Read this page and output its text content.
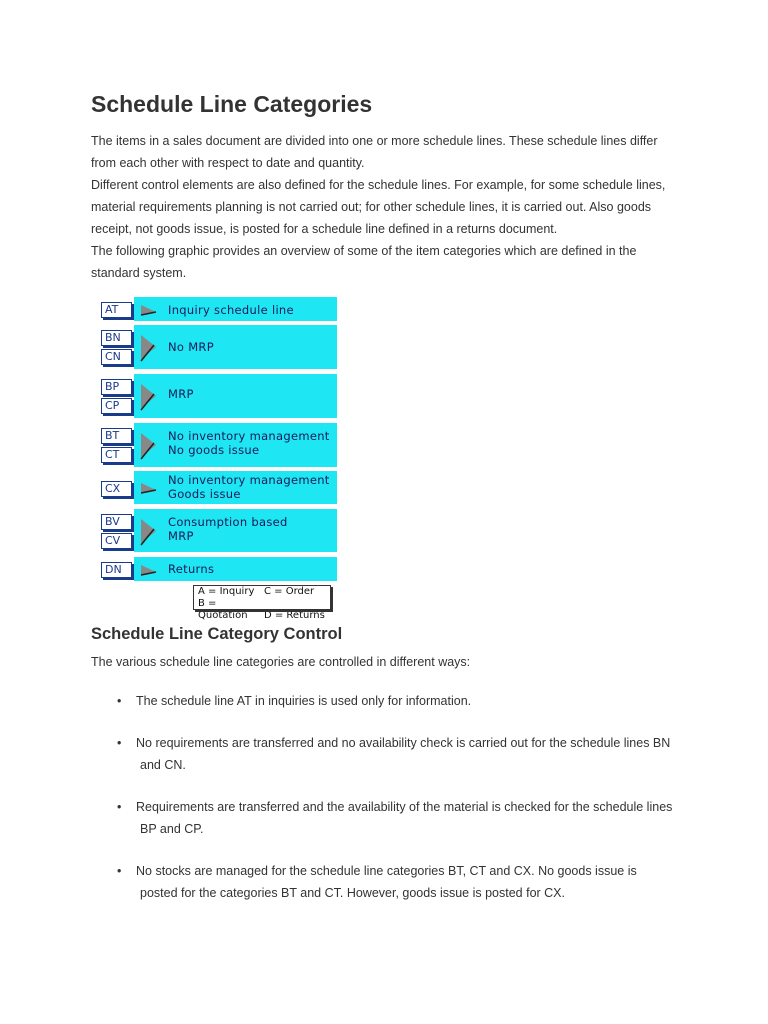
Schedule Line Categories

The items in a sales document are divided into one or more schedule lines. These schedule lines differ

from each other with respect to date and quantity.

Different control elements are also defined for the schedule lines. For example, for some schedule lines,

material requirements planning is not carried out; for other schedule lines, it is carried out. Also goods

receipt, not goods issue, is posted for a schedule line defined in a returns document.

The following graphic provides an overview of some of the item categories which are defined in the

standard system.

AT	Inquiry schedule line
BN
CN
No MRP
BP
CP
MRP
BT
CT
No inventory management
No goods issue
CX
No inventory management
Goods issue
BV
CV
Consumption based
MRP
DN	Returns
A = Inquiry C = Order
B = Quotation D = Returns
Schedule Line Category Control

The various schedule line categories are controlled in different ways:

• The schedule line AT in inquiries is used only for information.
• No requirements are transferred and no availability check is carried out for the schedule lines BN
and CN.
• Requirements are transferred and the availability of the material is checked for the schedule lines
BP and CP.
• No stocks are managed for the schedule line categories BT, CT and CX. No goods issue is
posted for the categories BT and CT. However, goods issue is posted for CX.
